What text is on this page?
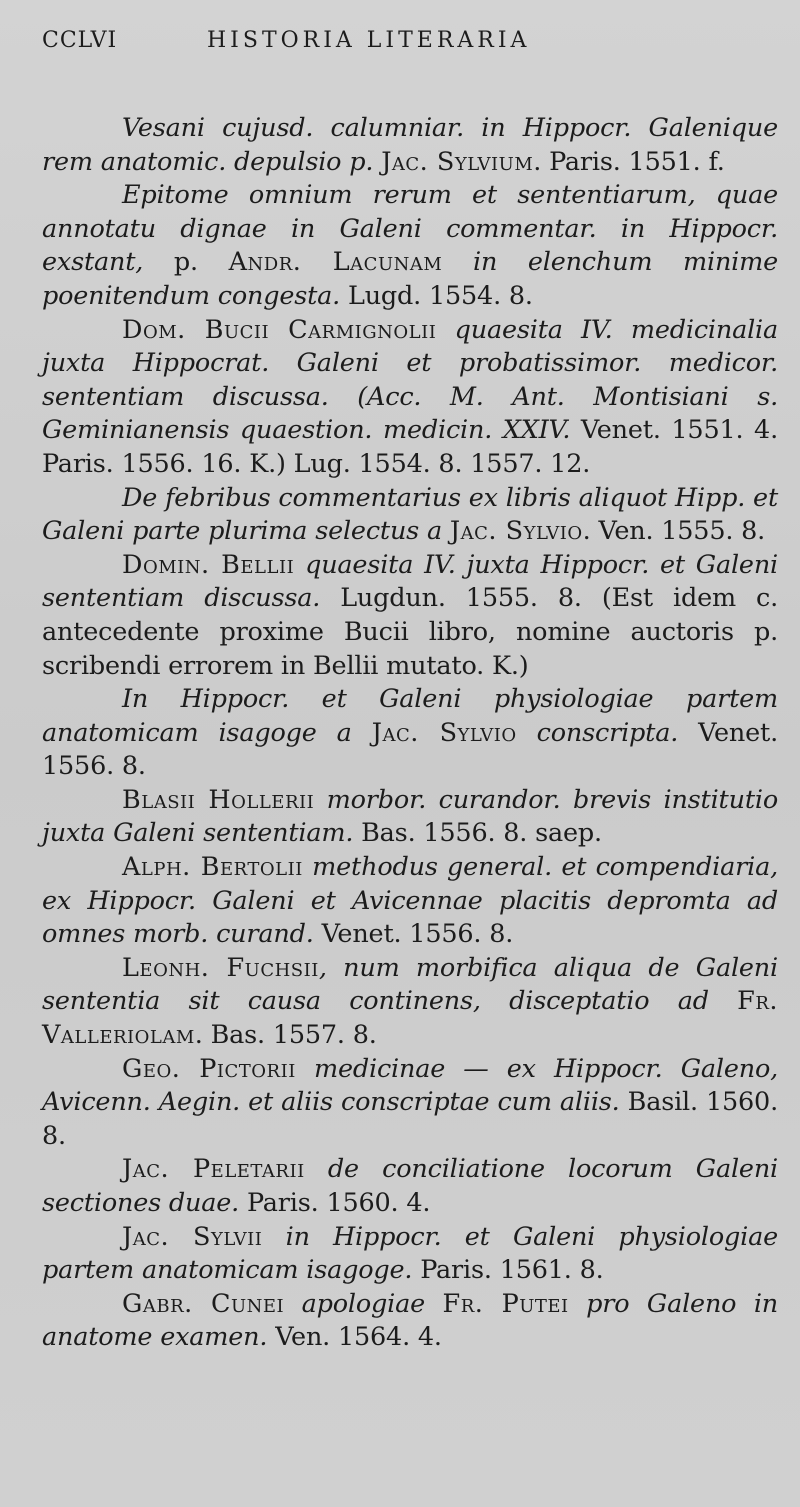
CCLVI	HISTORIA LITERARIA

Vesani cujusd. calumniar. in Hippocr. Galenique rem anatomic. depulsio p. Jac. Sylvium. Paris. 1551. f.

Epitome omnium rerum et sententiarum, quae annotatu dignae in Galeni commentar. in Hippocr. exstant, p. Andr. Lacunam in elenchum minime poenitendum congesta. Lugd. 1554. 8.

Dom. Bucii Carmignolii quaesita IV. medicinalia juxta Hippocrat. Galeni et probatissimor. medicor. sententiam discussa. (Acc. M. Ant. Montisiani s. Geminianensis quaestion. medicin. XXIV. Venet. 1551. 4. Paris. 1556. 16. K.) Lug. 1554. 8. 1557. 12.

De febribus commentarius ex libris aliquot Hipp. et Galeni parte plurima selectus a Jac. Sylvio. Ven. 1555. 8.

Domin. Bellii quaesita IV. juxta Hippocr. et Galeni sententiam discussa. Lugdun. 1555. 8. (Est idem c. antecedente proxime Bucii libro, nomine auctoris p. scribendi errorem in Bellii mutato. K.)

In Hippocr. et Galeni physiologiae partem anatomicam isagoge a Jac. Sylvio conscripta. Venet. 1556. 8.

Blasii Hollerii morbor. curandor. brevis institutio juxta Galeni sententiam. Bas. 1556. 8. saep.

Alph. Bertolii methodus general. et compendiaria, ex Hippocr. Galeni et Avicennae placitis depromta ad omnes morb. curand. Venet. 1556. 8.

Leonh. Fuchsii, num morbifica aliqua de Galeni sententia sit causa continens, disceptatio ad Fr. Valleriolam. Bas. 1557. 8.

Geo. Pictorii medicinae — ex Hippocr. Galeno, Avicenn. Aegin. et aliis conscriptae cum aliis. Basil. 1560. 8.

Jac. Peletarii de conciliatione locorum Galeni sectiones duae. Paris. 1560. 4.

Jac. Sylvii in Hippocr. et Galeni physiologiae partem anatomicam isagoge. Paris. 1561. 8.

Gabr. Cunei apologiae Fr. Putei pro Galeno in anatome examen. Ven. 1564. 4.
